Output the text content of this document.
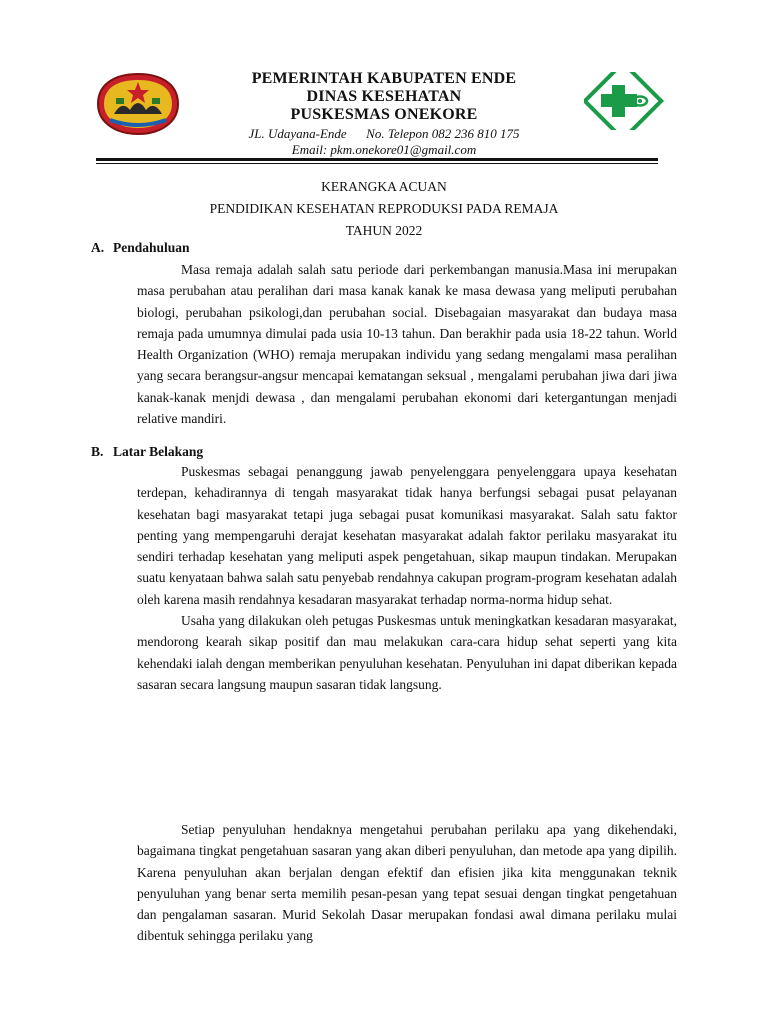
PEMERINTAH KABUPATEN ENDE
DINAS KESEHATAN
PUSKESMAS ONEKORE
JL. Udayana-Ende      No. Telepon 082 236 810 175
Email: pkm.onekore01@gmail.com
KERANGKA ACUAN
PENDIDIKAN KESEHATAN REPRODUKSI PADA REMAJA
TAHUN 2022
A. Pendahuluan

Masa remaja adalah salah satu periode dari perkembangan manusia.Masa ini merupakan masa perubahan atau peralihan dari masa kanak kanak ke masa dewasa yang meliputi perubahan biologi, perubahan psikologi,dan perubahan social. Disebagaian masyarakat dan budaya masa remaja pada umumnya dimulai pada usia 10-13 tahun. Dan berakhir pada usia 18-22 tahun. World Health Organization (WHO) remaja merupakan individu yang sedang mengalami masa peralihan yang secara berangsur-angsur mencapai kematangan seksual , mengalami perubahan jiwa dari jiwa kanak-kanak menjdi dewasa , dan mengalami perubahan ekonomi dari ketergantungan menjadi relative mandiri.

B. Latar Belakang

Puskesmas sebagai penanggung jawab penyelenggara penyelenggara upaya kesehatan terdepan, kehadirannya di tengah masyarakat tidak hanya berfungsi sebagai pusat pelayanan kesehatan bagi masyarakat tetapi juga sebagai pusat komunikasi masyarakat. Salah satu faktor penting yang mempengaruhi derajat kesehatan masyarakat adalah faktor perilaku masyarakat itu sendiri terhadap kesehatan yang meliputi aspek pengetahuan, sikap maupun tindakan. Merupakan suatu kenyataan bahwa salah satu penyebab rendahnya cakupan program-program kesehatan adalah oleh karena masih rendahnya kesadaran masyarakat terhadap norma-norma hidup sehat.

Usaha yang dilakukan oleh petugas Puskesmas untuk meningkatkan kesadaran masyarakat, mendorong kearah sikap positif dan mau melakukan cara-cara hidup sehat seperti yang kita kehendaki ialah dengan memberikan penyuluhan kesehatan. Penyuluhan ini dapat diberikan kepada sasaran secara langsung maupun sasaran tidak langsung.

Setiap penyuluhan hendaknya mengetahui perubahan perilaku apa yang dikehendaki, bagaimana tingkat pengetahuan sasaran yang akan diberi penyuluhan, dan metode apa yang dipilih. Karena penyuluhan akan berjalan dengan efektif dan efisien jika kita menggunakan teknik penyuluhan yang benar serta memilih pesan-pesan yang tepat sesuai dengan tingkat pengetahuan dan pengalaman sasaran. Murid Sekolah Dasar merupakan fondasi awal dimana perilaku mulai dibentuk sehingga perilaku yang
